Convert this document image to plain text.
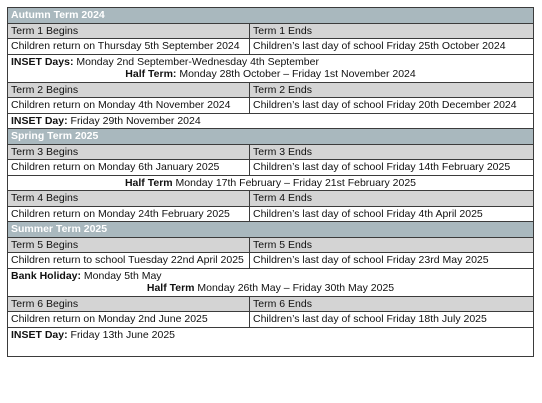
Autumn Term 2024	
Term 1 Begins	Term 1 Ends
Children return on Thursday 5th September 2024	Children’s last day of school Friday 25th October 2024

INSET Days: Monday 2nd September-Wednesday 4th September
Half Term: Monday 28th October – Friday 1st November 2024	

Term 2 Begins	Term 2 Ends
Children return on Monday 4th November 2024	Children’s last day of school Friday 20th December 2024
INSET Day: Friday 29th November 2024	
Spring Term 2025	
Term 3 Begins	Term 3 Ends
Children return on Monday 6th January 2025	Children’s last day of school Friday 14th February 2025
Half Term Monday 17th February – Friday 21st February 2025	
Term 4 Begins	Term 4 Ends
Children return on Monday 24th February 2025	Children’s last day of school Friday 4th April 2025
Summer Term 2025	
Term 5 Begins	Term 5 Ends
Children return to school Tuesday 22nd April 2025	Children’s last day of school Friday 23rd May 2025

Bank Holiday: Monday 5th May
Half Term Monday 26th May – Friday 30th May 2025	

Term 6 Begins	Term 6 Ends
Children return on Monday 2nd June 2025	Children’s last day of school Friday 18th July 2025
INSET Day: Friday 13th June 2025	
